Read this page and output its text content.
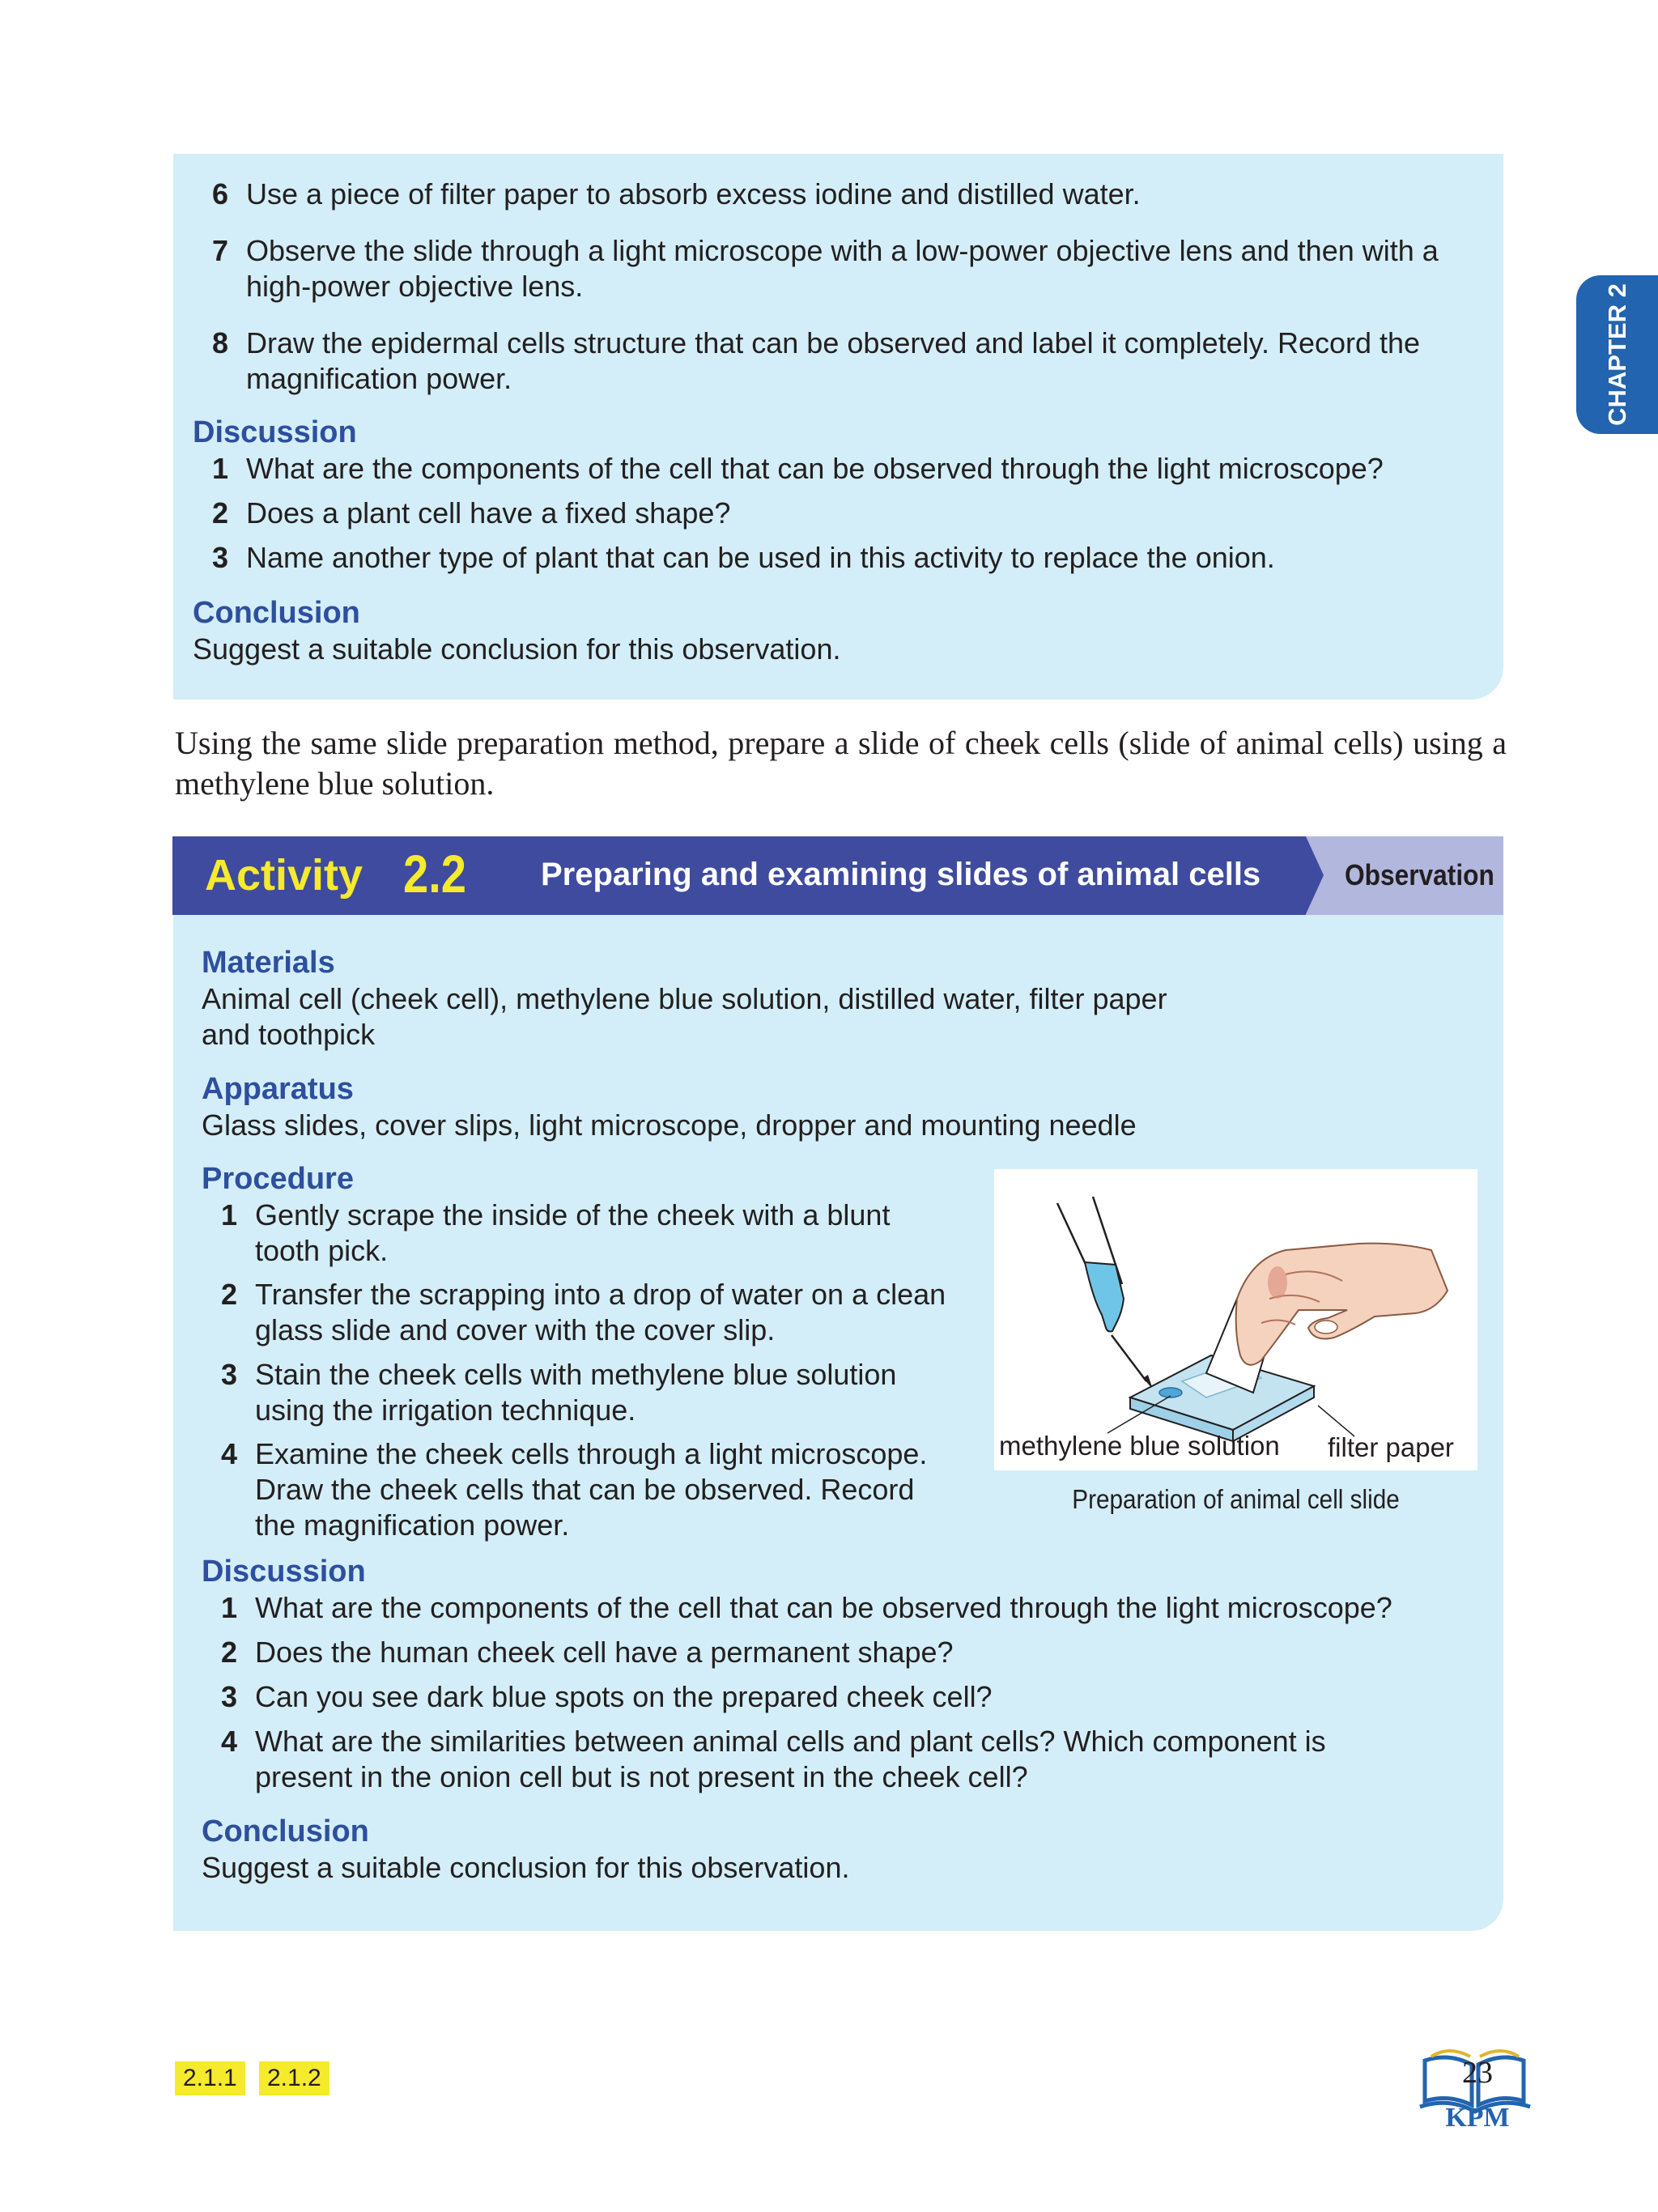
CHAPTER 2
6 Use a piece of filter paper to absorb excess iodine and distilled water.
7 Observe the slide through a light microscope with a low-power objective lens and then with a high-power objective lens.
8 Draw the epidermal cells structure that can be observed and label it completely. Record the magnification power.
Discussion
1 What are the components of the cell that can be observed through the light microscope?
2 Does a plant cell have a fixed shape?
3 Name another type of plant that can be used in this activity to replace the onion.
Conclusion
Suggest a suitable conclusion for this observation.
Using the same slide preparation method, prepare a slide of cheek cells (slide of animal cells) using a methylene blue solution.
Activity 2.2 Preparing and examining slides of animal cells	Observation
Materials
Animal cell (cheek cell), methylene blue solution, distilled water, filter paper and toothpick
Apparatus
Glass slides, cover slips, light microscope, dropper and mounting needle
Procedure
1 Gently scrape the inside of the cheek with a blunt tooth pick.
2 Transfer the scrapping into a drop of water on a clean glass slide and cover with the cover slip.
3 Stain the cheek cells with methylene blue solution using the irrigation technique.
4 Examine the cheek cells through a light microscope. Draw the cheek cells that can be observed. Record the magnification power.
methylene blue solution filter paper
Preparation of animal cell slide
Discussion
1 What are the components of the cell that can be observed through the light microscope?
2 Does the human cheek cell have a permanent shape?
3 Can you see dark blue spots on the prepared cheek cell?
4 What are the similarities between animal cells and plant cells? Which component is present in the onion cell but is not present in the cheek cell?
Conclusion
Suggest a suitable conclusion for this observation.
2.1.1	2.1.2	23
KPM
